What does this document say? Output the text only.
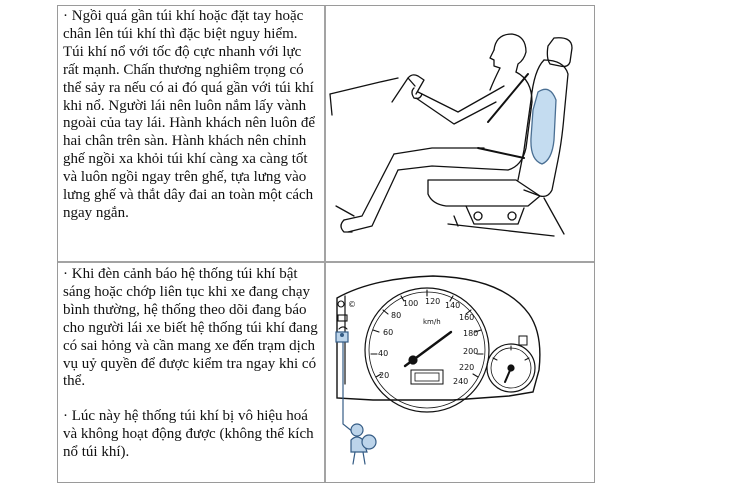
· Ngồi quá gần túi khí hoặc đặt tay hoặc chân lên túi khí thì đặc biệt nguy hiểm. Túi khí nổ với tốc độ cực nhanh với lực rất mạnh. Chấn thương nghiêm trọng có thể sảy ra nếu có ai đó quá gần với túi khí khi nổ. Người lái nên luôn nắm lấy vành ngoài của tay lái. Hành khách nên luôn để hai chân trên sàn. Hành khách nên chỉnh ghế ngồi xa khỏi túi khí càng xa càng tốt và luôn ngồi ngay trên ghế, tựa lưng vào lưng ghế và thắt dây đai an toàn một cách ngay ngắn.

· Khi đèn cảnh báo hệ thống túi khí bật sáng hoặc chớp liên tục khi xe đang chạy bình thường, hệ thống theo dõi đang báo cho người lái xe biết hệ thống túi khí đang có sai hỏng và cần mang xe đến trạm dịch vụ uỷ quyền để được kiểm tra ngay khi có thể.

· Lúc này hệ thống túi khí bị vô hiệu hoá và không hoạt động được (không thể kích nổ túi khí).

©
20
40
60
80
100 120 140
160
180
200
220
240
km/h
